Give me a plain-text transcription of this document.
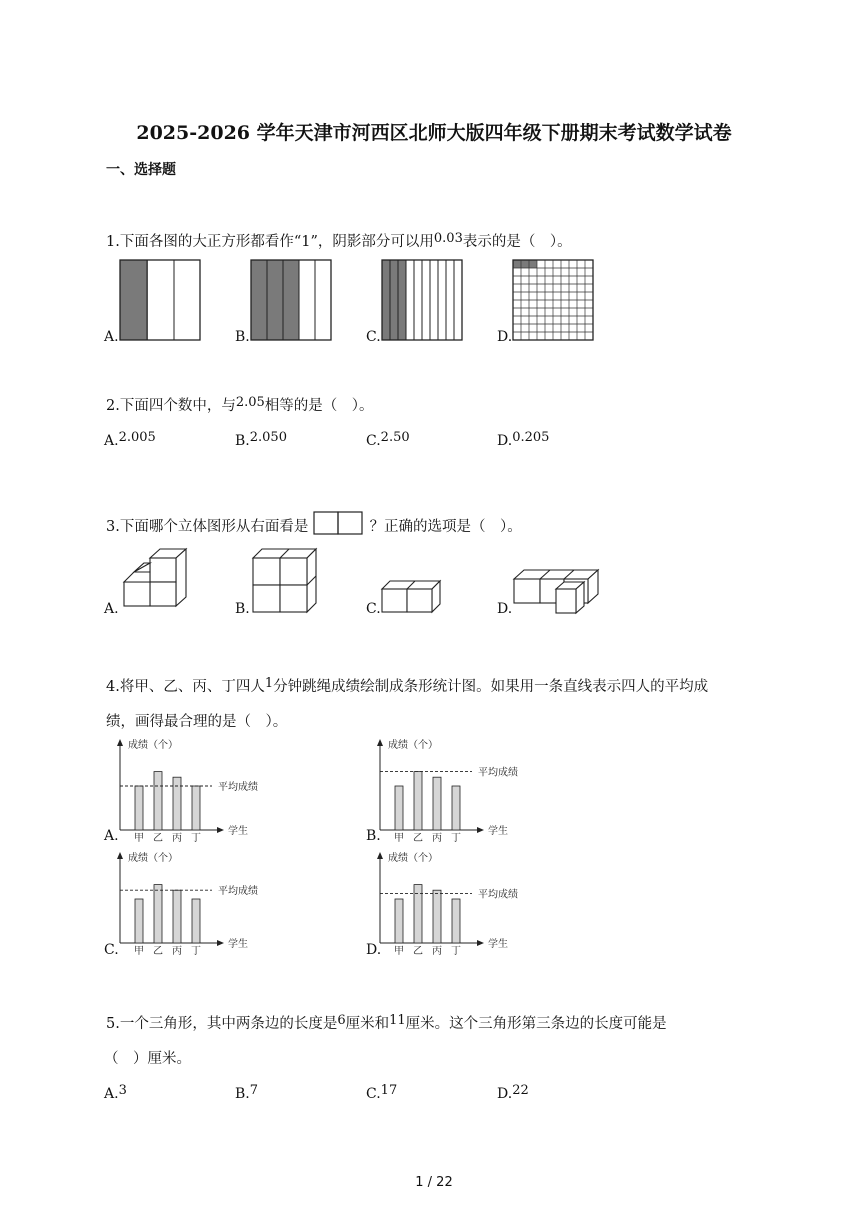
2025-2026 学年天津市河西区北师大版四年级下册期末考试数学试卷
一、选择题
1.下面各图的大正方形都看作“1”，阴影部分可以用0.03表示的是（　）。
A.	B.	C.	D.
2.下面四个数中，与2.05相等的是（　）。
A.2.005	B.2.050	C.2.50	D.0.205
3.下面哪个立体图形从右面看是	？正确的选项是（　）。
A.	B.	C.	D.
4.将甲、乙、丙、丁四人1分钟跳绳成绩绘制成条形统计图。如果用一条直线表示四人的平均成
绩，画得最合理的是（　）。
成绩（个）
学生
甲 乙 丙 丁
平均成绩
成绩（个）
学生
甲 乙 丙 丁
平均成绩
成绩（个）
学生
甲 乙 丙 丁
平均成绩
成绩（个）
学生
甲 乙 丙 丁
平均成绩
A.	B.
C.	D.
5.一个三角形，其中两条边的长度是6厘米和11厘米。这个三角形第三条边的长度可能是
（　）厘米。
A.3	B.7	C.17	D.22
1 / 22
